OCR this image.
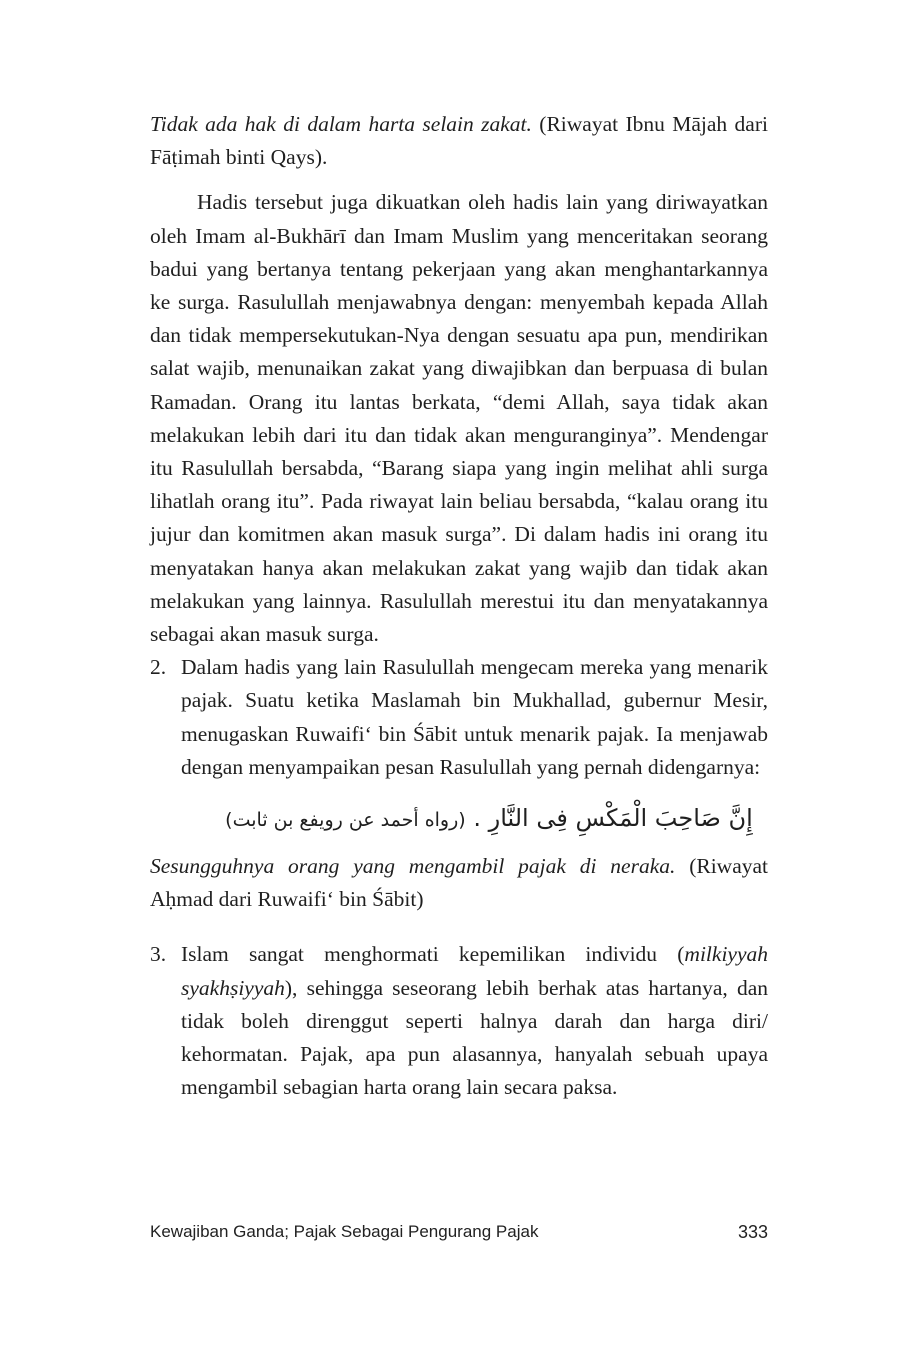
Tidak ada hak di dalam harta selain zakat. (Riwayat Ibnu Mājah dari Fāṭimah binti Qays).

Hadis tersebut juga dikuatkan oleh hadis lain yang diriwayatkan oleh Imam al-Bukhārī dan Imam Muslim yang menceritakan seorang badui yang bertanya tentang pekerjaan yang akan menghantarkannya ke surga. Rasulullah menjawabnya dengan: menyembah kepada Allah dan tidak mempersekutukan-Nya dengan sesuatu apa pun, mendirikan salat wajib, menunaikan zakat yang diwajibkan dan berpuasa di bulan Ramadan. Orang itu lantas berkata, “demi Allah, saya tidak akan melakukan lebih dari itu dan tidak akan menguranginya”. Mendengar itu Rasulullah bersabda, “Barang siapa yang ingin melihat ahli surga lihatlah orang itu”. Pada riwayat lain beliau bersabda, “kalau orang itu jujur dan komitmen akan masuk surga”. Di dalam hadis ini orang itu menyatakan hanya akan melakukan zakat yang wajib dan tidak akan melakukan yang lainnya. Rasulullah merestui itu dan menyatakannya sebagai akan masuk surga.

2. Dalam hadis yang lain Rasulullah mengecam mereka yang menarik pajak. Suatu ketika Maslamah bin Mukhallad, gubernur Mesir, menugaskan Ruwaifi‘ bin Śābit untuk menarik pajak. Ia menjawab dengan menyampaikan pesan Rasulullah yang pernah didengarnya:
إِنَّ صَاحِبَ الْمَكْسِ فِى النَّارِ . (رواه أحمد عن رويفع بن ثابت)

Sesungguhnya orang yang mengambil pajak di neraka. (Riwayat Aḥmad dari Ruwaifi‘ bin Śābit)

3. Islam sangat menghormati kepemilikan individu (milkiyyah syakhṣiyyah), sehingga seseorang lebih berhak atas hartanya, dan tidak boleh direnggut seperti halnya darah dan harga diri/ kehormatan. Pajak, apa pun alasannya, hanyalah sebuah upaya mengambil sebagian harta orang lain secara paksa.
Kewajiban Ganda; Pajak Sebagai Pengurang Pajak	333
